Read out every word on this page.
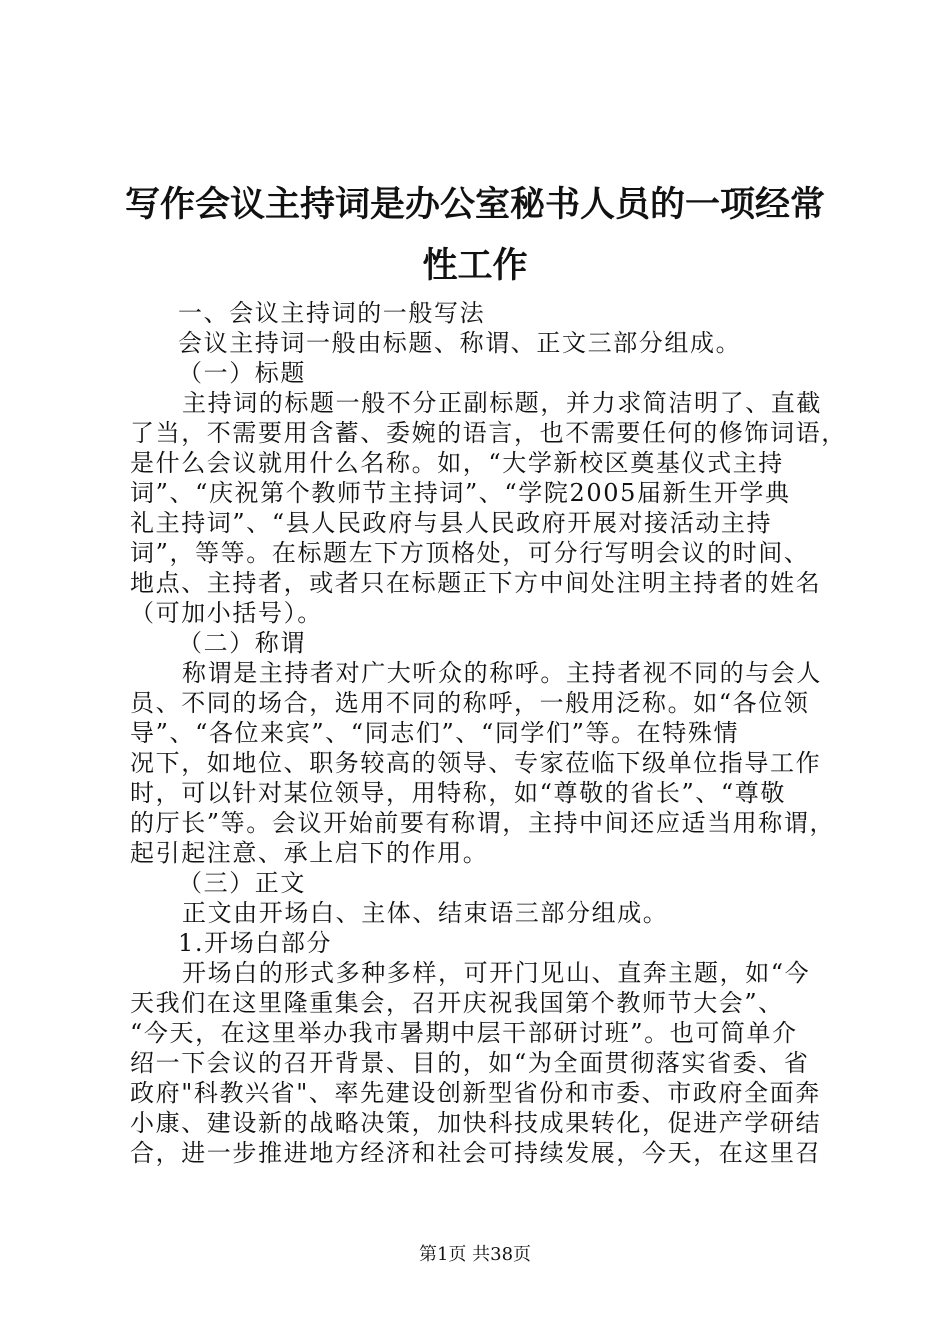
写作会议主持词是办公室秘书人员的一项经常
性工作

一、会议主持词的一般写法

会议主持词一般由标题、称谓、正文三部分组成。

（一）标题

主持词的标题一般不分正副标题，并力求简洁明了、直截

了当，不需要用含蓄、委婉的语言，也不需要任何的修饰词语，

是什么会议就用什么名称。如，“大学新校区奠基仪式主持

词”、“庆祝第个教师节主持词”、“学院2005届新生开学典

礼主持词”、“县人民政府与县人民政府开展对接活动主持

词”，等等。在标题左下方顶格处，可分行写明会议的时间、

地点、主持者，或者只在标题正下方中间处注明主持者的姓名

（可加小括号）。

（二）称谓

称谓是主持者对广大听众的称呼。主持者视不同的与会人

员、不同的场合，选用不同的称呼，一般用泛称。如“各位领

导”、“各位来宾”、“同志们”、“同学们”等。在特殊情

况下，如地位、职务较高的领导、专家莅临下级单位指导工作

时，可以针对某位领导，用特称，如“尊敬的省长”、“尊敬

的厅长”等。会议开始前要有称谓，主持中间还应适当用称谓，

起引起注意、承上启下的作用。

（三）正文

正文由开场白、主体、结束语三部分组成。

1.开场白部分

开场白的形式多种多样，可开门见山、直奔主题，如“今

天我们在这里隆重集会，召开庆祝我国第个教师节大会”、

“今天，在这里举办我市暑期中层干部研讨班”。也可简单介

绍一下会议的召开背景、目的，如“为全面贯彻落实省委、省

政府"科教兴省"、率先建设创新型省份和市委、市政府全面奔

小康、建设新的战略决策，加快科技成果转化，促进产学研结

合，进一步推进地方经济和社会可持续发展，今天，在这里召

第1页 共38页
